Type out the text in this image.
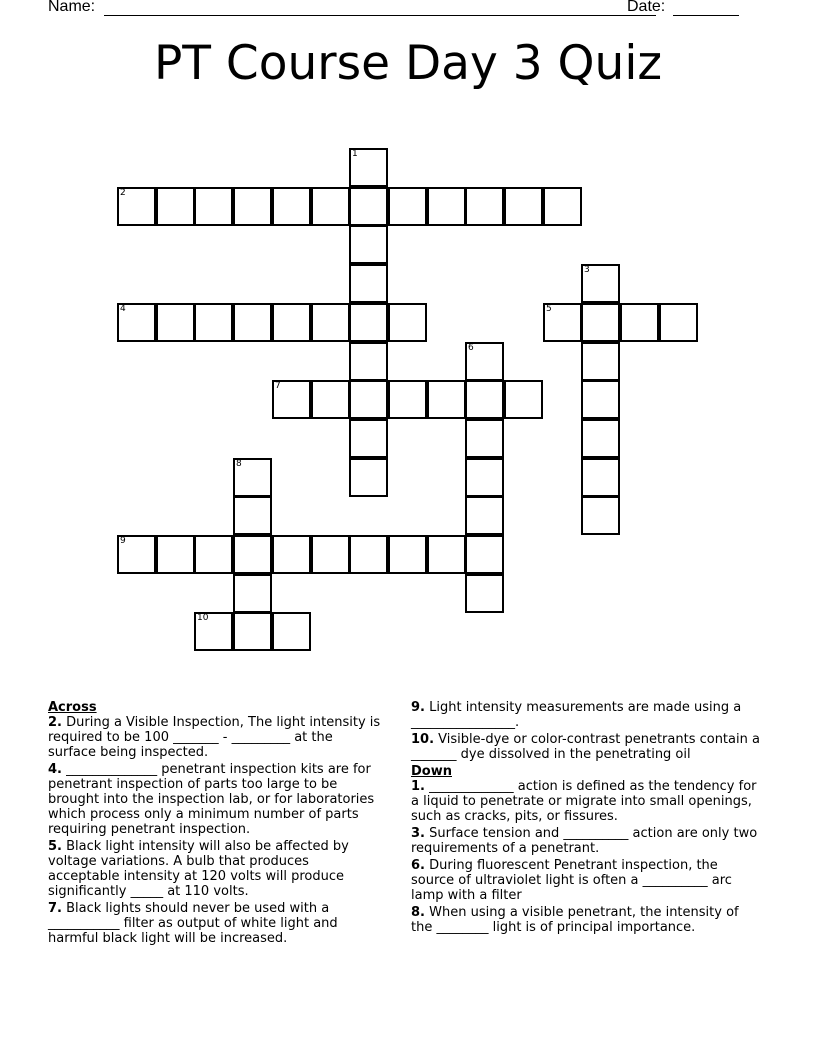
Name:	Date:
PT Course Day 3 Quiz
1
2
3
4	5
6
7
8
9
10
Across
2. During a Visible Inspection, The light intensity is required to be 100 _______ - _________ at the surface being inspected.
4. ______________ penetrant inspection kits are for penetrant inspection of parts too large to be brought into the inspection lab, or for laboratories which process only a minimum number of parts requiring penetrant inspection.
5. Black light intensity will also be affected by voltage variations. A bulb that produces acceptable intensity at 120 volts will produce significantly _____ at 110 volts.
7. Black lights should never be used with a ___________ filter as output of white light and harmful black light will be increased.
9. Light intensity measurements are made using a ________________.
10. Visible-dye or color-contrast penetrants contain a _______ dye dissolved in the penetrating oil
Down
1. _____________ action is defined as the tendency for a liquid to penetrate or migrate into small openings, such as cracks, pits, or fissures.
3. Surface tension and __________ action are only two requirements of a penetrant.
6. During fluorescent Penetrant inspection, the source of ultraviolet light is often a __________ arc lamp with a filter
8. When using a visible penetrant, the intensity of the ________ light is of principal importance.
